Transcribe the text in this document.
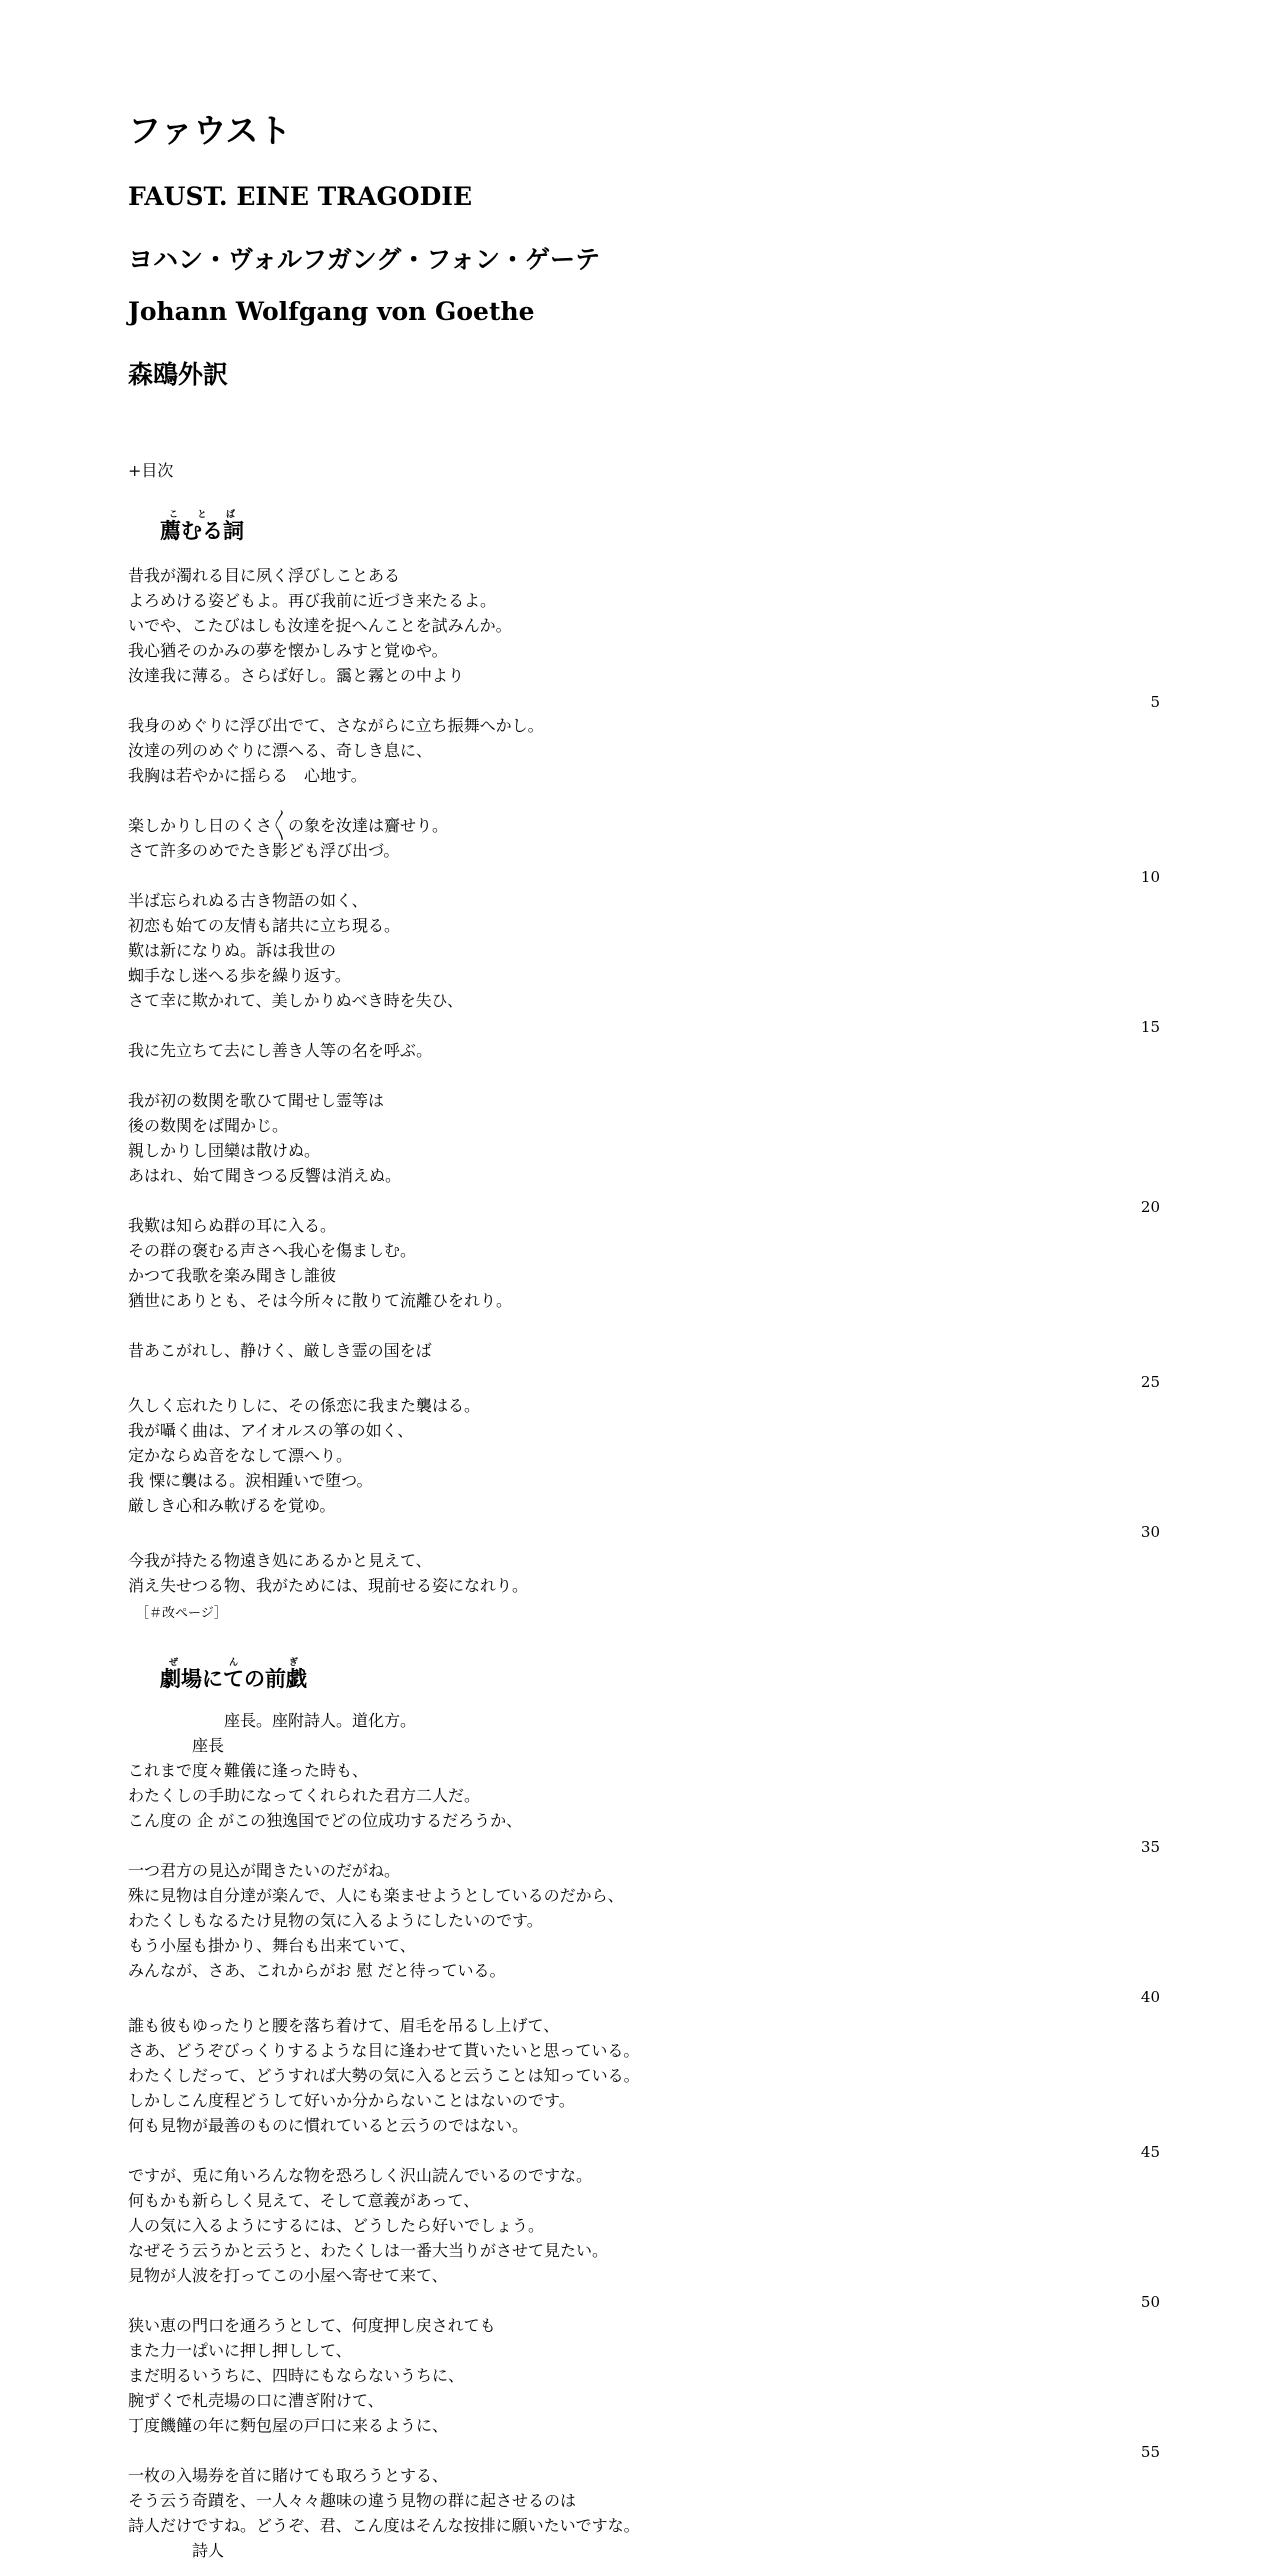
ファウスト
FAUST. EINE TRAGODIE
ヨハン・ヴォルフガング・フォン・ゲーテ
Johann Wolfgang von Goethe
森鴎外訳
+目次
薦むる詞ことば
昔我が濁れる目に夙く浮びしことある
よろめける姿どもよ。再び我前に近づき来たるよ。
いでや、こたびはしも汝達を捉へんことを試みんか。
我心猶そのかみの夢を懐かしみすと覚ゆや。
汝達我に薄る。さらば好し。靄と霧との中より
5
我身のめぐりに浮び出でて、さながらに立ち振舞へかし。
汝達の列のめぐりに漂へる、奇しき息に、
我胸は若やかに揺らる　心地す。
楽しかりし日のくさ〳〵の象を汝達は齎せり。
さて許多のめでたき影ども浮び出づ。
10
半ば忘られぬる古き物語の如く、
初恋も始ての友情も諸共に立ち現る。
歎は新になりぬ。訴は我世の
蜘手なし迷へる歩を繰り返す。
さて幸に欺かれて、美しかりぬべき時を失ひ、
15
我に先立ちて去にし善き人等の名を呼ぶ。
我が初の数関を歌ひて聞せし霊等は
後の数関をば聞かじ。
親しかりし団欒は散けぬ。
あはれ、始て聞きつる反響は消えぬ。
20
我歎は知らぬ群の耳に入る。
その群の褒むる声さへ我心を傷ましむ。
かつて我歌を楽み聞きし誰彼
猶世にありとも、そは今所々に散りて流離ひをれり。
昔あこがれし、静けく、厳しき霊の国をば
25
久しく忘れたりしに、その係恋に我また襲はる。
我が囁く曲は、アイオルスの箏の如く、
定かならぬ音をなして漂へり。
我 慄に襲はる。涙相踵いで堕つ。
厳しき心和み軟げるを覚ゆ。
30
今我が持たる物遠き処にあるかと見えて、
消え失せつる物、我がためには、現前せる姿になれり。
［＃改ページ］
劇場にての前戯ぜんぎ
座長。座附詩人。道化方。
座長
これまで度々難儀に逢った時も、
わたくしの手助になってくれられた君方二人だ。
こん度の 企 がこの独逸国でどの位成功するだろうか、
35
一つ君方の見込が聞きたいのだがね。
殊に見物は自分達が楽んで、人にも楽ませようとしているのだから、
わたくしもなるたけ見物の気に入るようにしたいのです。
もう小屋も掛かり、舞台も出来ていて、
みんなが、さあ、これからがお 慰 だと待っている。
40
誰も彼もゆったりと腰を落ち着けて、眉毛を吊るし上げて、
さあ、どうぞびっくりするような目に逢わせて貰いたいと思っている。
わたくしだって、どうすれば大勢の気に入ると云うことは知っている。
しかしこん度程どうして好いか分からないことはないのです。
何も見物が最善のものに慣れていると云うのではない。
45
ですが、兎に角いろんな物を恐ろしく沢山読んでいるのですな。
何もかも新らしく見えて、そして意義があって、
人の気に入るようにするには、どうしたら好いでしょう。
なぜそう云うかと云うと、わたくしは一番大当りがさせて見たい。
見物が人波を打ってこの小屋へ寄せて来て、
50
狭い恵の門口を通ろうとして、何度押し戻されても
また力一ぱいに押し押しして、
まだ明るいうちに、四時にもならないうちに、
腕ずくで札売場の口に漕ぎ附けて、
丁度饑饉の年に麪包屋の戸口に来るように、
55
一枚の入場券を首に賭けても取ろうとする、
そう云う奇蹟を、一人々々趣味の違う見物の群に起させるのは
詩人だけですね。どうぞ、君、こん度はそんな按排に願いたいですな。
詩人
